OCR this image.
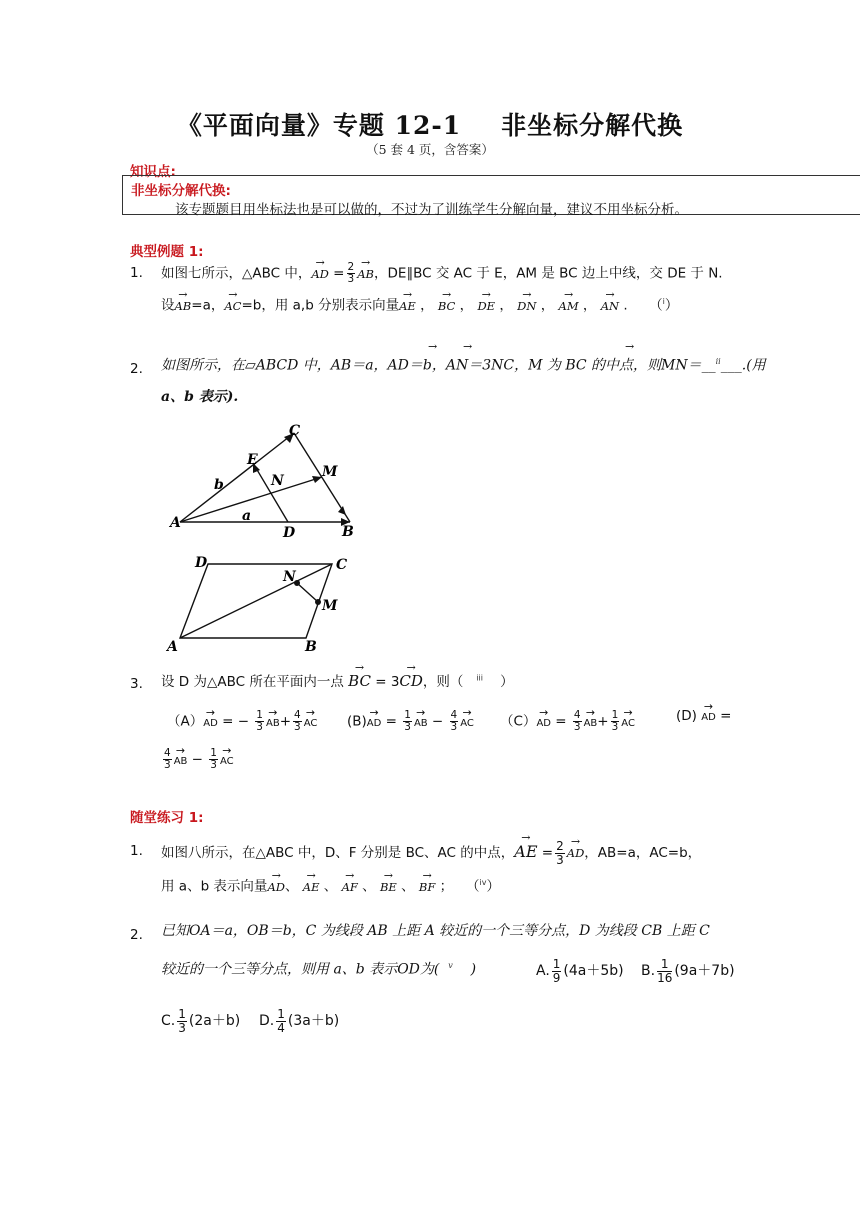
《平面向量》专题 12-1 非坐标分解代换
（5 套 4 页，含答案）
知识点:
非坐标分解代换:
该专题题目用坐标法也是可以做的，不过为了训练学生分解向量，建议不用坐标分析。
典型例题 1:
1. 如图七所示，△ABC 中，→ AD = $\frac{2}{3}$
→ AB，DE∥BC 交 AC 于 E，AM 是 BC 边上中线，交 DE 于 N.
设→ AB=a，→ AC=b，用 a,b 分别表示向量→ AE ， → BC ， → DE ， → DN ， → AM ， → AN .     （$^i$）
→ →	→
2. 如图所示，在▱ABCD 中，AB＝a，AD＝b，AN＝3NC，M 为 BC 的中点，则MN＝__$^{ii}$___.(用
a、b 表示).
C
E
M
N
b
a
A
D	B
D	C
N
M
A	B
3. 设 D 为△ABC 所在平面内一点 → BC = 3→ CD，则（ $^{iii}$ ）
（A）→ AD = − $\frac{1}{3}$
→ $AB+ \frac{4}{3}$
→ AC (B)→ AD = $\frac{1}{3}$
→ AB − $\frac{4}{3}$
→ AC （C）→ AD = $\frac{4}{3}$
→ $AB+ \frac{1}{3}$
→ AC	(D) → AD =
$\frac{4}{3}$
→ AB − $\frac{1}{3}$
→ AC
随堂练习 1:
1. 如图八所示，在△ABC 中，D、F 分别是 BC、AC 的中点，→ AE = $\frac{2}{3}$
→ AD，AB=a，AC=b，
用 a、b 表示向量→ AD、 → AE 、 → AF 、 → BE 、 → BF ；   （$^{iv}$）
2. 已知OA＝a，OB＝b，C 为线段 AB 上距 A 较近的一个三等分点，D 为线段 CB 上距 C
较近的一个三等分点，则用 a、b 表示OD为( $^v$ )	A. $\frac{1}{9} (4a+5b)$ B. $\frac{1}{16} (9a+7b)$
C. $\frac{1}{3} (2a+b)$ D. $\frac{1}{4} (3a+b)$
